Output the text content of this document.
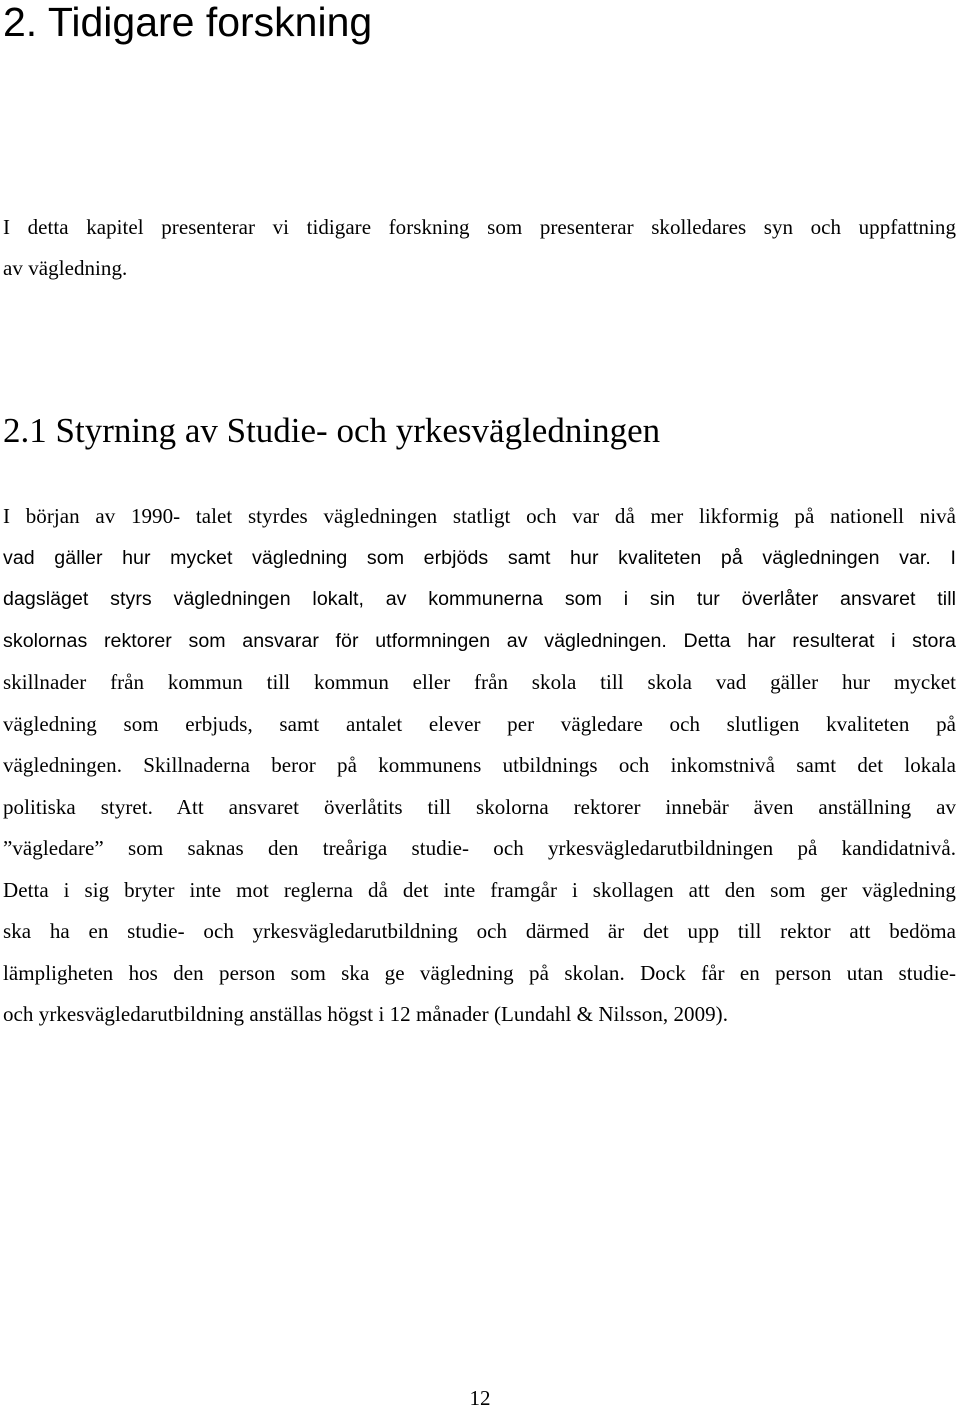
2. Tidigare forskning
I detta kapitel presenterar vi tidigare forskning som presenterar skolledares syn och uppfattning
av vägledning.
2.1 Styrning av Studie- och yrkesvägledningen
I början av 1990- talet styrdes vägledningen statligt och var då mer likformig på nationell nivå
vad gäller hur mycket vägledning som erbjöds samt hur kvaliteten på vägledningen var. I
dagsläget styrs vägledningen lokalt, av kommunerna som i sin tur överlåter ansvaret till
skolornas rektorer som ansvarar för utformningen av vägledningen. Detta har resulterat i stora
skillnader från kommun till kommun eller från skola till skola vad gäller hur mycket
vägledning som erbjuds, samt antalet elever per vägledare och slutligen kvaliteten på
vägledningen. Skillnaderna beror på kommunens utbildnings och inkomstnivå samt det lokala
politiska styret. Att ansvaret överlåtits till skolorna rektorer innebär även anställning av
”vägledare” som saknas den treåriga studie- och yrkesvägledarutbildningen på kandidatnivå.
Detta i sig bryter inte mot reglerna då det inte framgår i skollagen att den som ger vägledning
ska ha en studie- och yrkesvägledarutbildning och därmed är det upp till rektor att bedöma
lämpligheten hos den person som ska ge vägledning på skolan. Dock får en person utan studie-
och yrkesvägledarutbildning anställas högst i 12 månader (Lundahl & Nilsson, 2009).
12
